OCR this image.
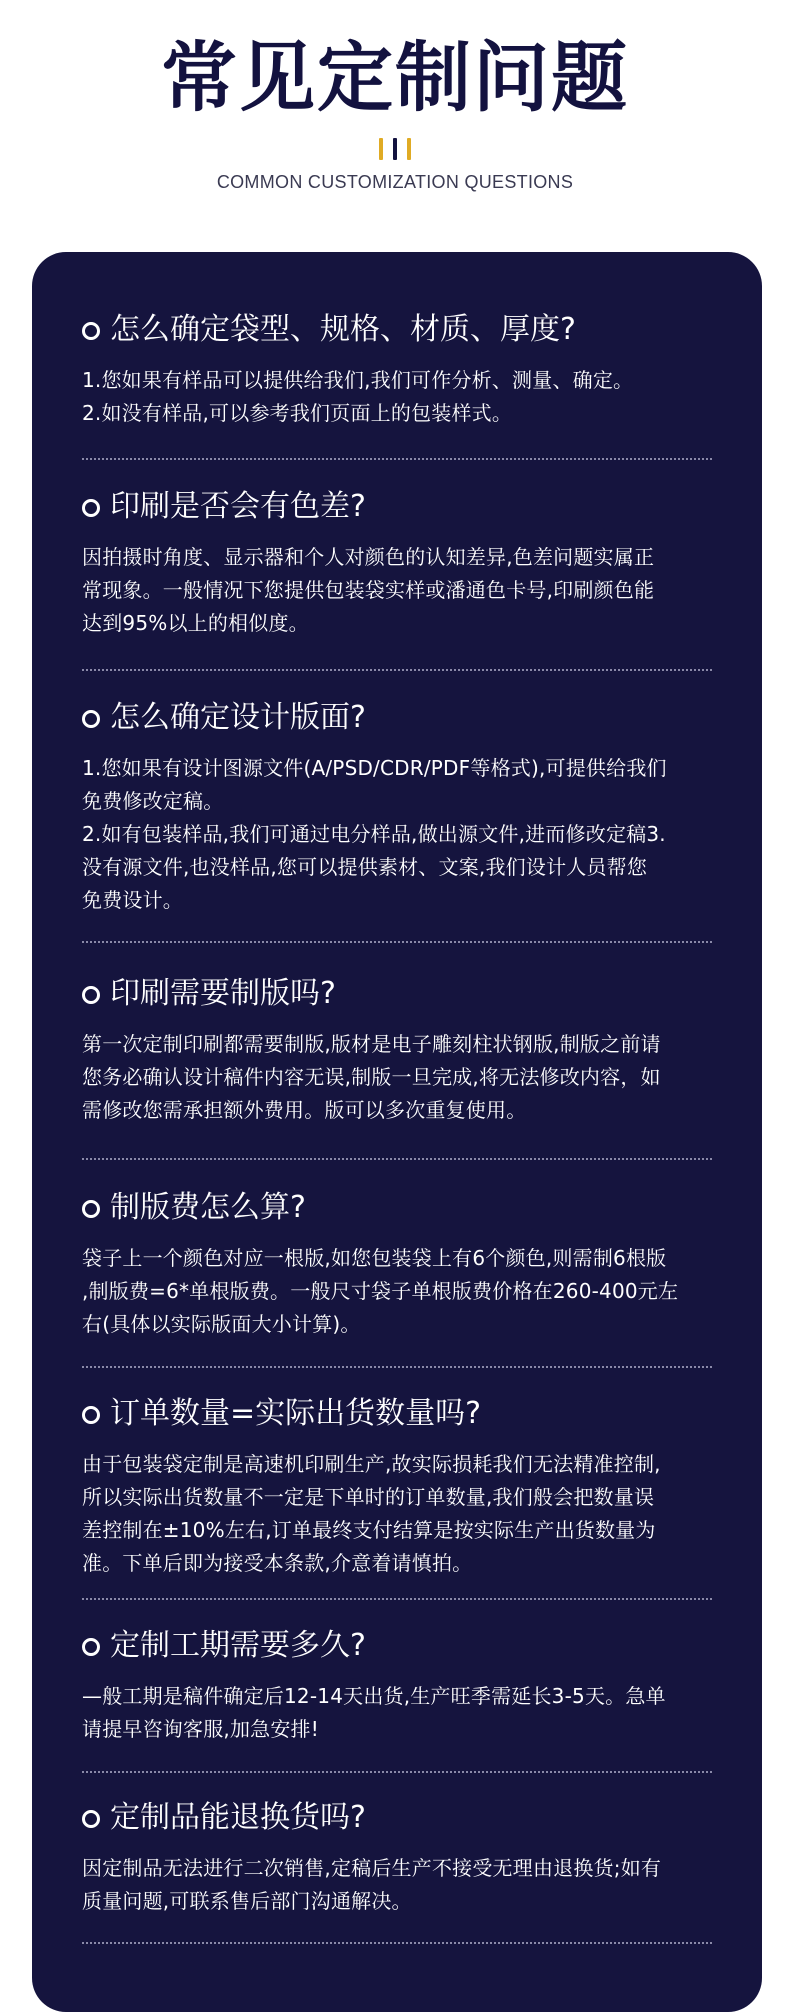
常见定制问题
COMMON CUSTOMIZATION QUESTIONS
怎么确定袋型、规格、材质、厚度?
1.您如果有样品可以提供给我们,我们可作分析、测量、确定。
2.如没有样品,可以参考我们页面上的包装样式。
印刷是否会有色差?
因拍摄时角度、显示器和个人对颜色的认知差异,色差问题实属正
常现象。一般情况下您提供包装袋实样或潘通色卡号,印刷颜色能
达到95%以上的相似度。
怎么确定设计版面?
1.您如果有设计图源文件(A/PSD/CDR/PDF等格式),可提供给我们
免费修改定稿。
2.如有包装样品,我们可通过电分样品,做出源文件,进而修改定稿3.
没有源文件,也没样品,您可以提供素材、文案,我们设计人员帮您
免费设计。
印刷需要制版吗?
第一次定制印刷都需要制版,版材是电子雕刻柱状钢版,制版之前请
您务必确认设计稿件内容无误,制版一旦完成,将无法修改内容，如
需修改您需承担额外费用。版可以多次重复使用。
制版费怎么算?
袋子上一个颜色对应一根版,如您包装袋上有6个颜色,则需制6根版
,制版费=6*单根版费。一般尺寸袋子单根版费价格在260-400元左
右(具体以实际版面大小计算)。
订单数量=实际出货数量吗?
由于包装袋定制是高速机印刷生产,故实际损耗我们无法精准控制,
所以实际出货数量不一定是下单时的订单数量,我们般会把数量误
差控制在±10%左右,订单最终支付结算是按实际生产出货数量为
准。下单后即为接受本条款,介意着请慎拍。
定制工期需要多久?
—般工期是稿件确定后12-14天出货,生产旺季需延长3-5天。急单
请提早咨询客服,加急安排!
定制品能退换货吗?
因定制品无法进行二次销售,定稿后生产不接受无理由退换货;如有
质量问题,可联系售后部门沟通解决。
